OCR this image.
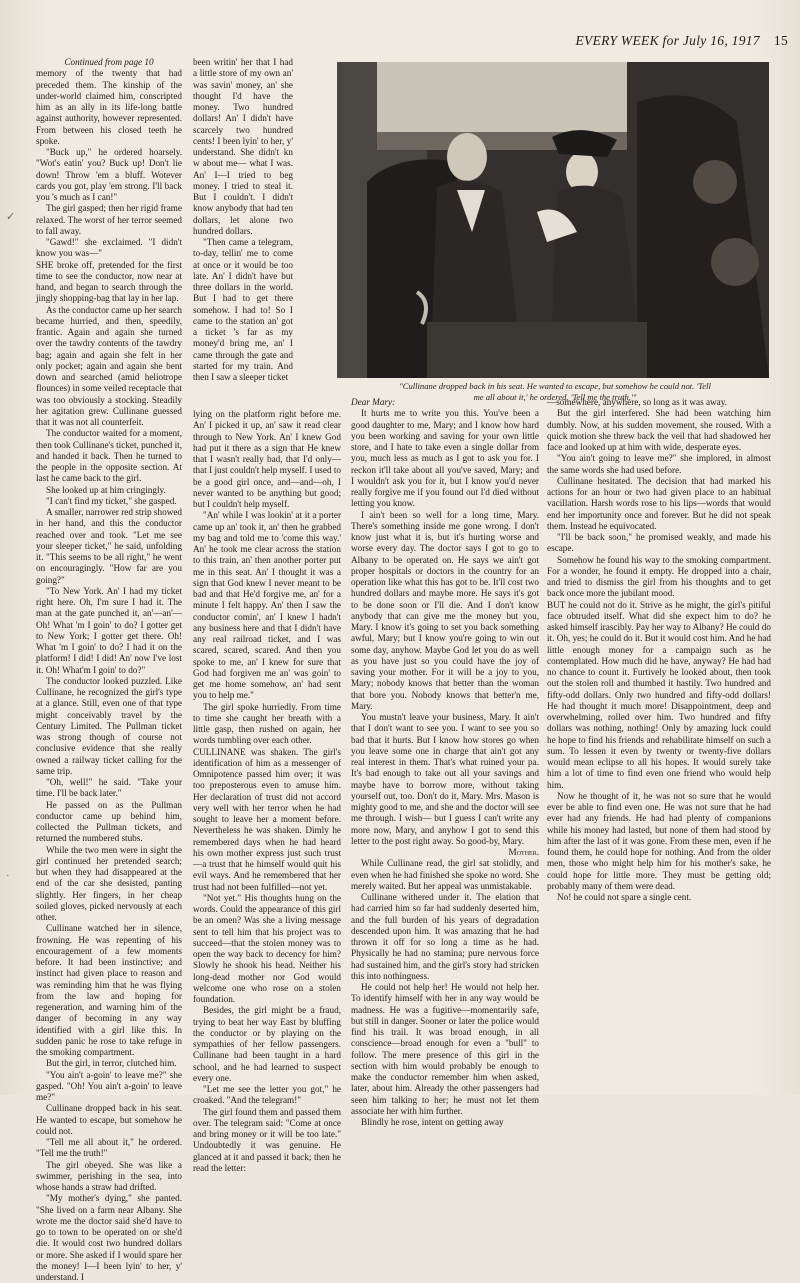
EVERY WEEK for July 16, 1917 15
✓
·

Continued from page 10

memory of the twenty that had preceded them. The kinship of the under-world claimed him, conscripted him as an ally in its life-long battle against authority, however represented. From between his closed teeth he spoke.

"Buck up," he ordered hoarsely. "Wot's eatin' you? Buck up! Don't lie down! Throw 'em a bluff. Wotever cards you got, play 'em strong. I'll back you 's much as I can!"

The girl gasped; then her rigid frame relaxed. The worst of her terror seemed to fall away.

"Gawd!" she exclaimed. "I didn't know you was—"

SHE broke off, pretended for the first time to see the conductor, now near at hand, and began to search through the jingly shopping-bag that lay in her lap.

As the conductor came up her search became hurried, and then, speedily, frantic. Again and again she turned over the tawdry contents of the tawdry bag; again and again she felt in her only pocket; again and again she bent down and searched (amid heliotrope flounces) in some veiled receptacle that was too obviously a stocking. Steadily her agitation grew. Cullinane guessed that it was not all counterfeit.

The conductor waited for a moment, then took Cullinane's ticket, punched it, and handed it back. Then he turned to the people in the opposite section. At last he came back to the girl.

She looked up at him cringingly.

"I can't find my ticket," she gasped.

A smaller, narrower red strip showed in her hand, and this the conductor reached over and took. "Let me see your sleeper ticket," he said, unfolding it. "This seems to be all right," he went on encouragingly. "How far are you going?"

"To New York. An' I had my ticket right here. Oh, I'm sure I had it. The man at the gate punched it, an'—an'— Oh! What 'm I goin' to do? I gotter get to New York; I gotter get there. Oh! What 'm I goin' to do? I had it on the platform! I did! I did! An' now I've lost it. Oh! What'm I goin' to do?"

The conductor looked puzzled. Like Cullinane, he recognized the girl's type at a glance. Still, even one of that type might conceivably travel by the Century Limited. The Pullman ticket was strong though of course not conclusive evidence that she really owned a railway ticket calling for the same trip.

"Oh, well!" he said. "Take your time. I'll be back later."

He passed on as the Pullman conductor came up behind him, collected the Pullman tickets, and returned the numbered stubs.

While the two men were in sight the girl continued her pretended search; but when they had disappeared at the end of the car she desisted, panting slightly. Her fingers, in her cheap soiled gloves, picked nervously at each other.

Cullinane watched her in silence, frowning. He was repenting of his encouragement of a few moments before. It had been instinctive; and instinct had given place to reason and was reminding him that he was flying from the law and hoping for regeneration, and warning him of the danger of becoming in any way identified with a girl like this. In sudden panic he rose to take refuge in the smoking compartment.

But the girl, in terror, clutched him.

"You ain't a-goin' to leave me?" she gasped. "Oh! You ain't a-goin' to leave me?"

Cullinane dropped back in his seat. He wanted to escape, but somehow he could not.

"Tell me all about it," he ordered. "Tell me the truth!"

The girl obeyed. She was like a swimmer, perishing in the sea, into whose hands a straw had drifted.

"My mother's dying," she panted. "She lived on a farm near Albany. She wrote me the doctor said she'd have to go to town to be operated on or she'd die. It would cost two hundred dollars or more. She asked if I would spare her the money! I—I been lyin' to her, y' understand. I

been writin' her that I had a little store of my own an' was savin' money, an' she thought I'd have the money. Two hundred dollars! An' I didn't have scarcely two hundred cents! I been lyin' to her, y' understand. She didn't kn w about me— what I was. An' I—I tried to beg money. I tried to steal it. But I couldn't. I didn't know anybody that had ten dollars, let alone two hundred dollars.

"Then came a telegram, to-day, tellin' me to come at once or it would be too late. An' I didn't have but three dollars in the world. But I had to get there somehow. I had to! So I came to the station an' got a ticket 's far as my money'd bring me, an' I came through the gate and started for my train. And then I saw a sleeper ticket

lying on the platform right before me. An' I picked it up, an' saw it read clear through to New York. An' I knew God had put it there as a sign that He knew that I wasn't really bad, that I'd only— that I just couldn't help myself. I used to be a good girl once, and—and—oh, I never wanted to be anything but good; but I couldn't help myself.

"An' while I was lookin' at it a porter came up an' took it, an' then he grabbed my bag and told me to 'come this way.' An' he took me clear across the station to this train, an' then another porter put me in this seat. An' I thought it was a sign that God knew I never meant to be bad and that He'd forgive me, an' for a minute I felt happy. An' then I saw the conductor comin', an' I knew I hadn't any business here and that I didn't have any real railroad ticket, and I was scared, scared, scared. And then you spoke to me, an' I knew for sure that God had forgiven me an' was goin' to get me home somehow, an' had sent you to help me."

The girl spoke hurriedly. From time to time she caught her breath with a little gasp, then rushed on again, her words tumbling over each other.

CULLINANE was shaken. The girl's identification of him as a messenger of Omnipotence passed him over; it was too preposterous even to amuse him. Her declaration of trust did not accord very well with her terror when he had sought to leave her a moment before. Nevertheless he was shaken. Dimly he remembered days when he had heard his own mother express just such trust—a trust that he himself would quit his evil ways. And he remembered that her trust had not been fulfilled—not yet.

"Not yet." His thoughts hung on the words. Could the appearance of this girl be an omen? Was she a living message sent to tell him that his project was to succeed—that the stolen money was to open the way back to decency for him? Slowly he shook his head. Neither his long-dead mother nor God would welcome one who rose on a stolen foundation.

Besides, the girl might be a fraud, trying to beat her way East by bluffing the conductor or by playing on the sympathies of her fellow passengers. Cullinane had been taught in a hard school, and he had learned to suspect every one.

"Let me see the letter you got," he croaked. "And the telegram!"

The girl found them and passed them over. The telegram said: "Come at once and bring money or it will be too late." Undoubtedly it was genuine. He glanced at it and passed it back; then he read the letter:

"Cullinane dropped back in his seat. He wanted to escape, but somehow he could not. 'Tell me all about it,' he ordered. 'Tell me the truth.'"

Dear Mary:

It hurts me to write you this. You've been a good daughter to me, Mary; and I know how hard you been working and saving for your own little store, and I hate to take even a single dollar from you, much less as much as I got to ask you for. I reckon it'll take about all you've saved, Mary; and I wouldn't ask you for it, but I know you'd never really forgive me if you found out I'd died without letting you know.

I ain't been so well for a long time, Mary. There's something inside me gone wrong. I don't know just what it is, but it's hurting worse and worse every day. The doctor says I got to go to Albany to be operated on. He says we ain't got proper hospitals or doctors in the country for an operation like what this has got to be. It'll cost two hundred dollars and maybe more. He says it's got to be done soon or I'll die. And I don't know anybody that can give me the money but you, Mary. I know it's going to set you back something awful, Mary; but I know you're going to win out some day, anyhow. Maybe God let you do as well as you have just so you could have the joy of saving your mother. For it will be a joy to you, Mary; nobody knows that better than the woman that bore you. Nobody knows that better'n me, Mary.

You mustn't leave your business, Mary. It ain't that I don't want to see you. I want to see you so bad that it hurts. But I know how stores go when you leave some one in charge that ain't got any real interest in them. That's what ruined your pa. It's bad enough to take out all your savings and maybe have to borrow more, without taking yourself out, too. Don't do it, Mary. Mrs. Mason is mighty good to me, and she and the doctor will see me through. I wish— but I guess I can't write any more now, Mary, and anyhow I got to send this letter to the post right away. So good-by, Mary.

Mother.

While Cullinane read, the girl sat stolidly, and even when he had finished she spoke no word. She merely waited. But her appeal was unmistakable.

Cullinane withered under it. The elation that had carried him so far had suddenly deserted him, and the full burden of his years of degradation descended upon him. It was amazing that he had thrown it off for so long a time as he had. Physically he had no stamina; pure nervous force had sustained him, and the girl's story had stricken this into nothingness.

He could not help her! He would not help her. To identify himself with her in any way would be madness. He was a fugitive—momentarily safe, but still in danger. Sooner or later the police would find his trail. It was broad enough, in all conscience—broad enough for even a "bull" to follow. The mere presence of this girl in the section with him would probably be enough to make the conductor remember him when asked, later, about him. Already the other passengers had seen him talking to her; he must not let them associate her with him further.

Blindly he rose, intent on getting away

—somewhere, anywhere, so long as it was away.

But the girl interfered. She had been watching him dumbly. Now, at his sudden movement, she roused. With a quick motion she threw back the veil that had shadowed her face and looked up at him with wide, desperate eyes.

"You ain't going to leave me?" she implored, in almost the same words she had used before.

Cullinane hesitated. The decision that had marked his actions for an hour or two had given place to an habitual vacillation. Harsh words rose to his lips—words that would end her importunity once and forever. But he did not speak them. Instead he equivocated.

"I'll be back soon," he promised weakly, and made his escape.

Somehow he found his way to the smoking compartment. For a wonder, he found it empty. He dropped into a chair, and tried to dismiss the girl from his thoughts and to get back once more the jubilant mood.

BUT he could not do it. Strive as he might, the girl's pitiful face obtruded itself. What did she expect him to do? he asked himself irascibly. Pay her way to Albany? He could do it. Oh, yes; he could do it. But it would cost him. And he had little enough money for a campaign such as he contemplated. How much did he have, anyway? He had had no chance to count it. Furtively he looked about, then took out the stolen roll and thumbed it hastily. Two hundred and fifty-odd dollars. Only two hundred and fifty-odd dollars! He had thought it much more! Disappointment, deep and overwhelming, rolled over him. Two hundred and fifty dollars was nothing, nothing! Only by amazing luck could he hope to find his friends and rehabilitate himself on such a sum. To lessen it even by twenty or twenty-five dollars would mean eclipse to all his hopes. It would surely take him a lot of time to find even one friend who would help him.

Now he thought of it, he was not so sure that he would ever be able to find even one. He was not sure that he had ever had any friends. He had had plenty of companions while his money had lasted, but none of them had stood by him after the last of it was gone. From these men, even if he found them, he could hope for nothing. And from the older men, those who might help him for his mother's sake, he could hope for little more. They must be getting old; probably many of them were dead.

No! he could not spare a single cent.
